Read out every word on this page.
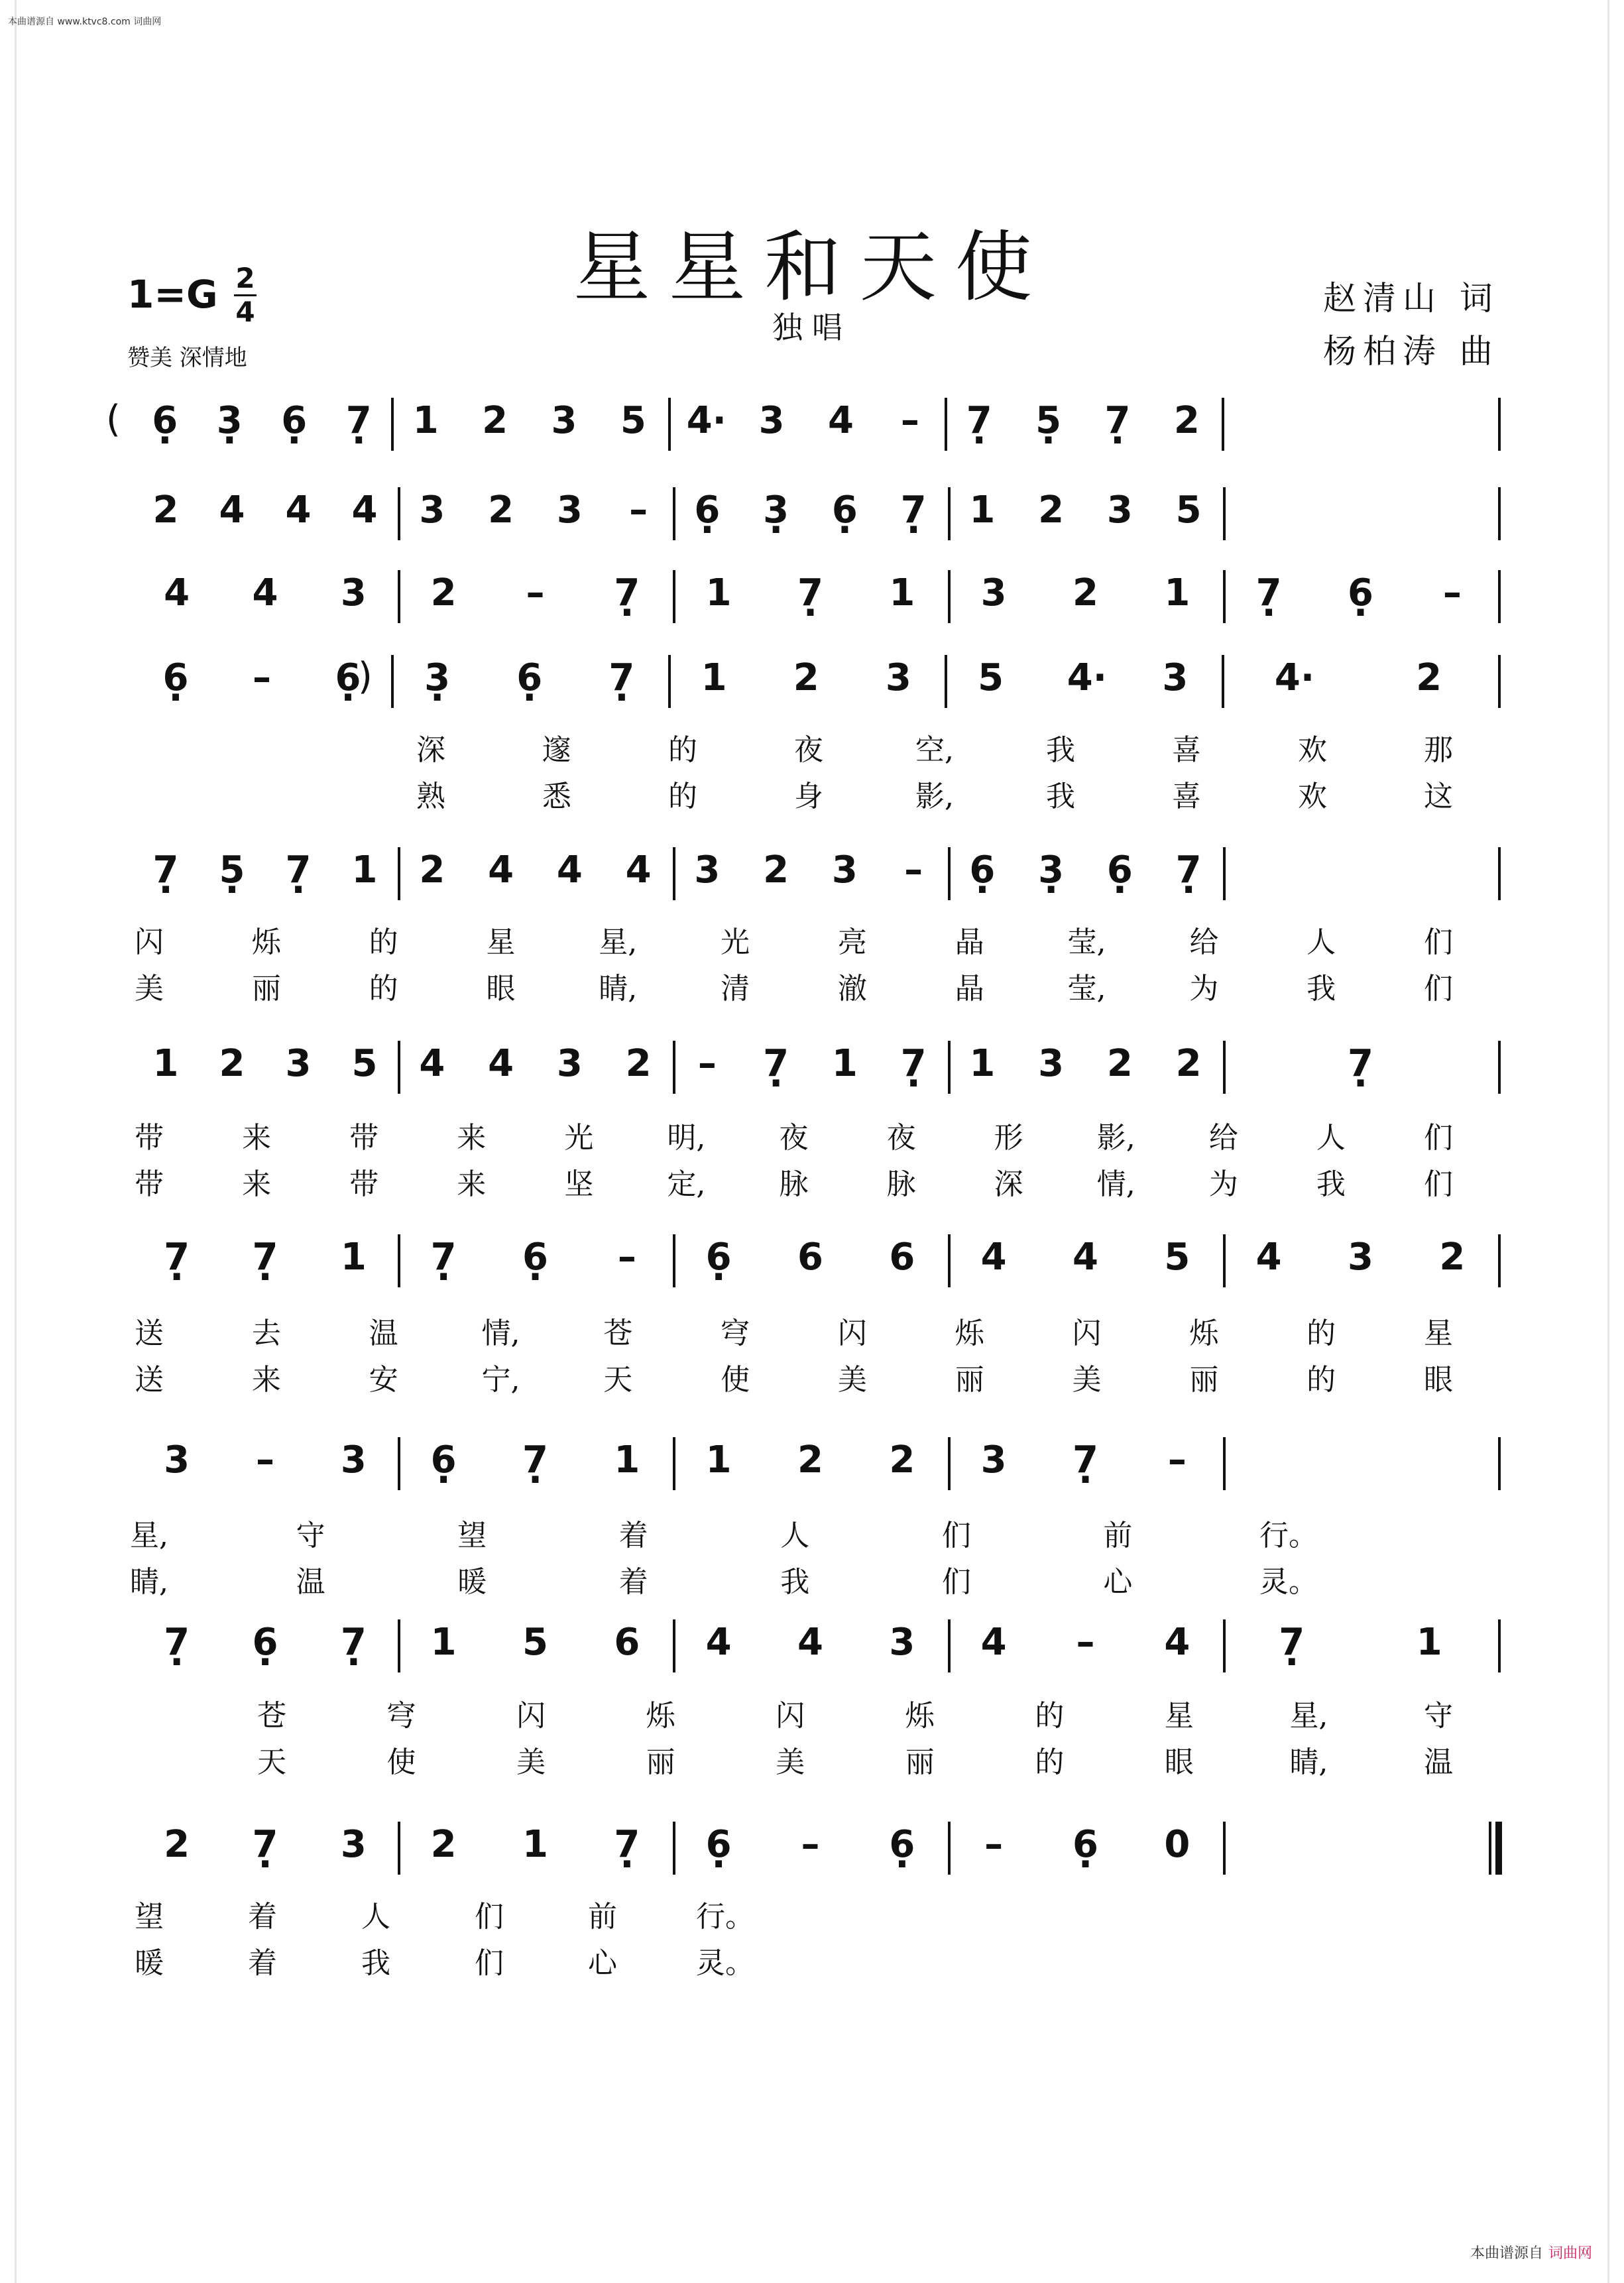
本曲谱源自 www.ktvc8.com 词曲网
星星和天使
独唱
1=G 2
4
赞美 深情地
赵清山 词
杨柏涛 曲
( 6 · 3 · 6 · 7 · 1 2 3 5 4· 3 4 – 7 · 5 · 7 · 2
2 4 4 4 3 2 3 – 6 · 3 · 6 · 7 · 1 2 3 5
4 4 3 2 – 7 · 1 7 · 1 3 2 1 7 · 6 · –
6 · – 6 · 3 · 6 · 7 · 1 2 3 5 4· 3 4·	2
)
深	邃	的	夜	空,	我	喜	欢	那
熟	悉	的	身	影,	我	喜	欢	这
7 · 5 · 7 · 1 2 4 4 4 3 2 3 – 6 · 3 · 6 · 7 ·
闪	烁	的	星	星,	光	亮	晶	莹,	给	人	们
美	丽	的	眼	睛,	清	澈	晶	莹,	为	我	们
1 2 3 5 4 4 3 2 – 7 · 1 7 · 1 3 2 2	7 ·
带	来	带	来	光	明,	夜	夜	形	影,	给	人	们
带	来	带	来	坚	定,	脉	脉	深	情,	为	我	们
7 · 7 · 1 7 · 6 · – 6 · 6 6 4 4 5 4 3 2
送	去	温	情,	苍	穹	闪	烁	闪	烁	的	星
送	来	安	宁,	天	使	美	丽	美	丽	的	眼
3 – 3 6 · 7 · 1 1 2 2 3 7 · –
星,	守	望	着	人	们	前	行。
睛,	温	暖	着	我	们	心	灵。
7 · 6 · 7 · 1 5 6 4 4 3 4 – 4 7 ·	1
苍	穹	闪	烁	闪	烁	的	星	星,	守
天	使	美	丽	美	丽	的	眼	睛,	温
2 7 · 3 2 1 7 · 6 · – 6 · – 6 · 0
望	着	人	们	前	行。
暖	着	我	们	心	灵。
本曲谱源自 词曲网
